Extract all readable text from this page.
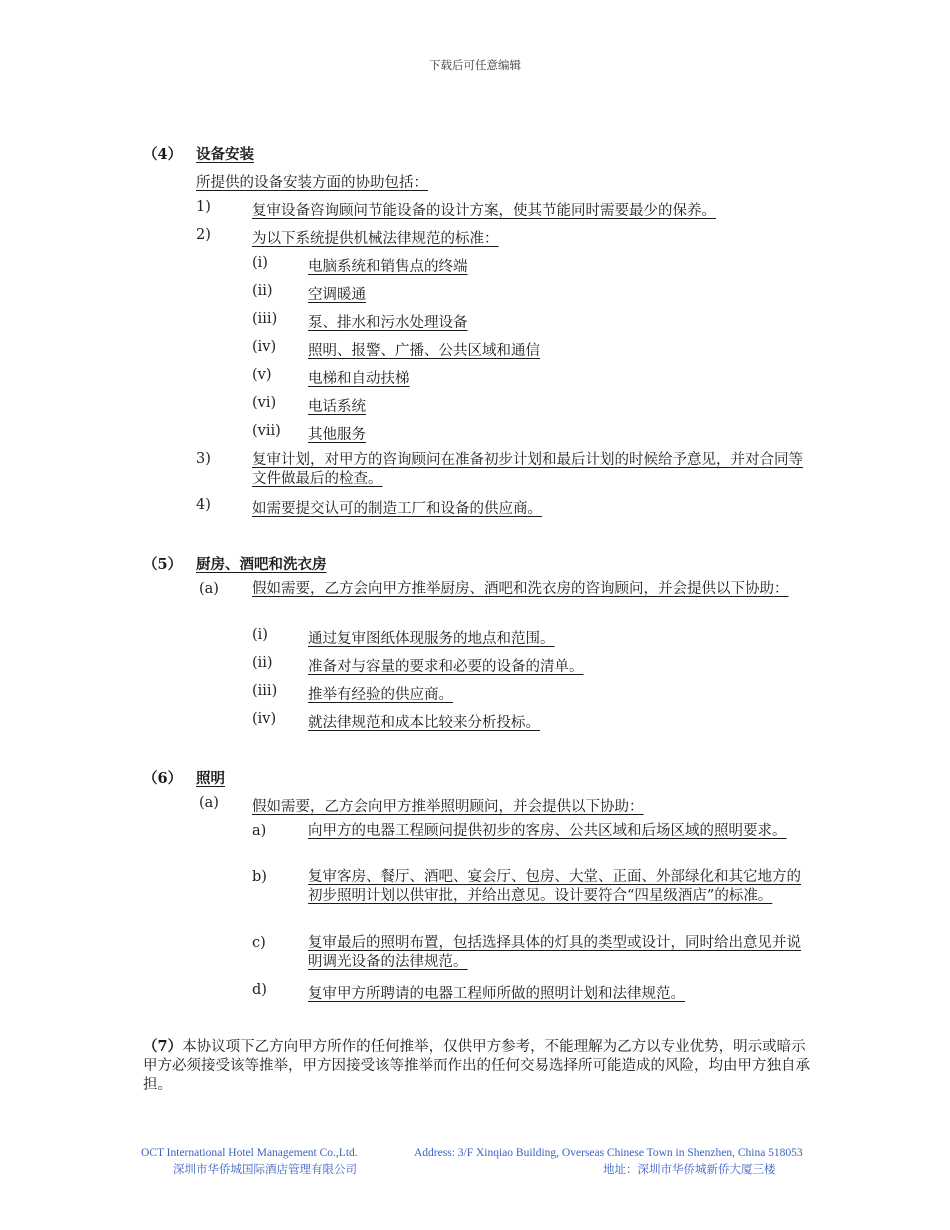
下载后可任意编辑
（4） 设备安装
所提供的设备安装方面的协助包括：
1)	复审设备咨询顾问节能设备的设计方案，使其节能同时需要最少的保养。
2)	为以下系统提供机械法律规范的标准：
(i)	电脑系统和销售点的终端
(ii) 空调暖通
(iii) 泵、排水和污水处理设备
(iv) 照明、报警、广播、公共区域和通信
(v)	电梯和自动扶梯
(vi) 电话系统
(vii) 其他服务
3)	复审计划，对甲方的咨询顾问在准备初步计划和最后计划的时候给予意见，并对合同等文件做最后的检查。
4)	如需要提交认可的制造工厂和设备的供应商。
（5） 厨房、酒吧和洗衣房
(a) 假如需要，乙方会向甲方推举厨房、酒吧和洗衣房的咨询顾问，并会提供以下协助：
(i)	通过复审图纸体现服务的地点和范围。
(ii) 准备对与容量的要求和必要的设备的清单。
(iii) 推举有经验的供应商。
(iv) 就法律规范和成本比较来分析投标。
（6） 照明
(a) 假如需要，乙方会向甲方推举照明顾问，并会提供以下协助：
a)	向甲方的电器工程顾问提供初步的客房、公共区域和后场区域的照明要求。
b)	复审客房、餐厅、酒吧、宴会厅、包房、大堂、正面、外部绿化和其它地方的初步照明计划以供审批，并给出意见。设计要符合“四星级酒店”的标准。
c)	复审最后的照明布置，包括选择具体的灯具的类型或设计，同时给出意见并说明调光设备的法律规范。
d)	复审甲方所聘请的电器工程师所做的照明计划和法律规范。
（7）本协议项下乙方向甲方所作的任何推举，仅供甲方参考，不能理解为乙方以专业优势，明示或暗示甲方必须接受该等推举，甲方因接受该等推举而作出的任何交易选择所可能造成的风险，均由甲方独自承担。
OCT International Hotel Management Co.,Ltd.
深圳市华侨城国际酒店管理有限公司
Address: 3/F Xinqiao Building, Overseas Chinese Town in Shenzhen, China 518053
地址：深圳市华侨城新侨大厦三楼
